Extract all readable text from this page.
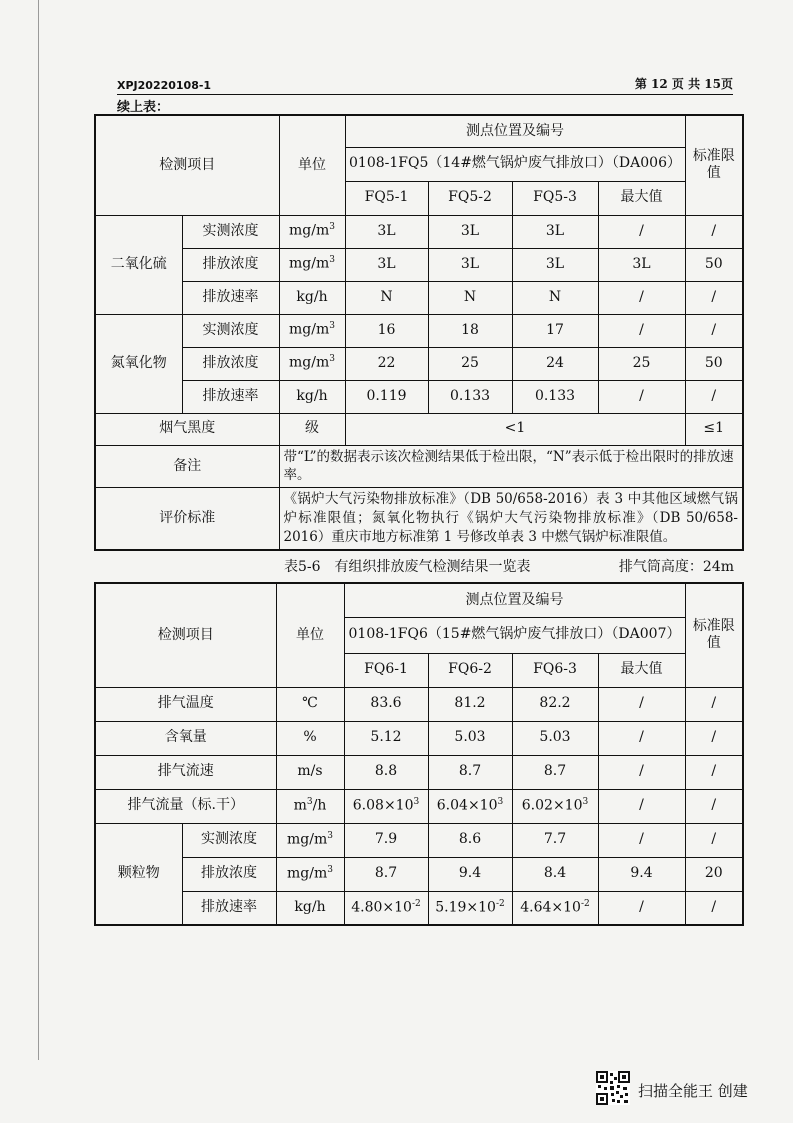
XPJ20220108-1	第 12 页 共 15页
续上表：
检测项目		单位	测点位置及编号				标准限值
			0108-1FQ5（14#燃气锅炉废气排放口）（DA006）				
			FQ5-1	FQ5-2	FQ5-3	最大值	
二氧化硫	实测浓度	$mg/m^3$	3L	3L	3L	/	/
	排放浓度	$mg/m^3$	3L	3L	3L	3L	50
	排放速率	kg/h	N	N	N	/	/
氮氧化物	实测浓度	$mg/m^3$	16	18	17	/	/
	排放浓度	$mg/m^3$	22	25	24	25	50
	排放速率	kg/h	0.119	0.133	0.133	/	/
烟气黑度		级	<1				≤1
备注		带“L”的数据表示该次检测结果低于检出限，“N”表示低于检出限时的排放速率。					
评价标准		《锅炉大气污染物排放标准》（DB 50/658-2016）表 3 中其他区域燃气锅炉标准限值；氮氧化物执行《锅炉大气污染物排放标准》（DB 50/658-2016）重庆市地方标准第 1 号修改单表 3 中燃气锅炉标准限值。					
表5-6　有组织排放废气检测结果一览表	排气筒高度：24m
检测项目		单位	测点位置及编号				标准限值
			0108-1FQ6（15#燃气锅炉废气排放口）（DA007）				
			FQ6-1	FQ6-2	FQ6-3	最大值	
排气温度		℃	83.6	81.2	82.2	/	/
含氧量		%	5.12	5.03	5.03	/	/
排气流速		m/s	8.8	8.7	8.7	/	/
排气流量（标.干）		$m^3/h$	$6.08\times 10^3$	$6.04\times 10^3$	$6.02\times 10^3$	/	/
颗粒物	实测浓度	$mg/m^3$	7.9	8.6	7.7	/	/
	排放浓度	$mg/m^3$	8.7	9.4	8.4	9.4	20
	排放速率	kg/h	$4.80\times 10^{-2}$	$5.19\times 10^{-2}$	$4.64\times 10^{-2}$	/	/
扫描全能王 创建
